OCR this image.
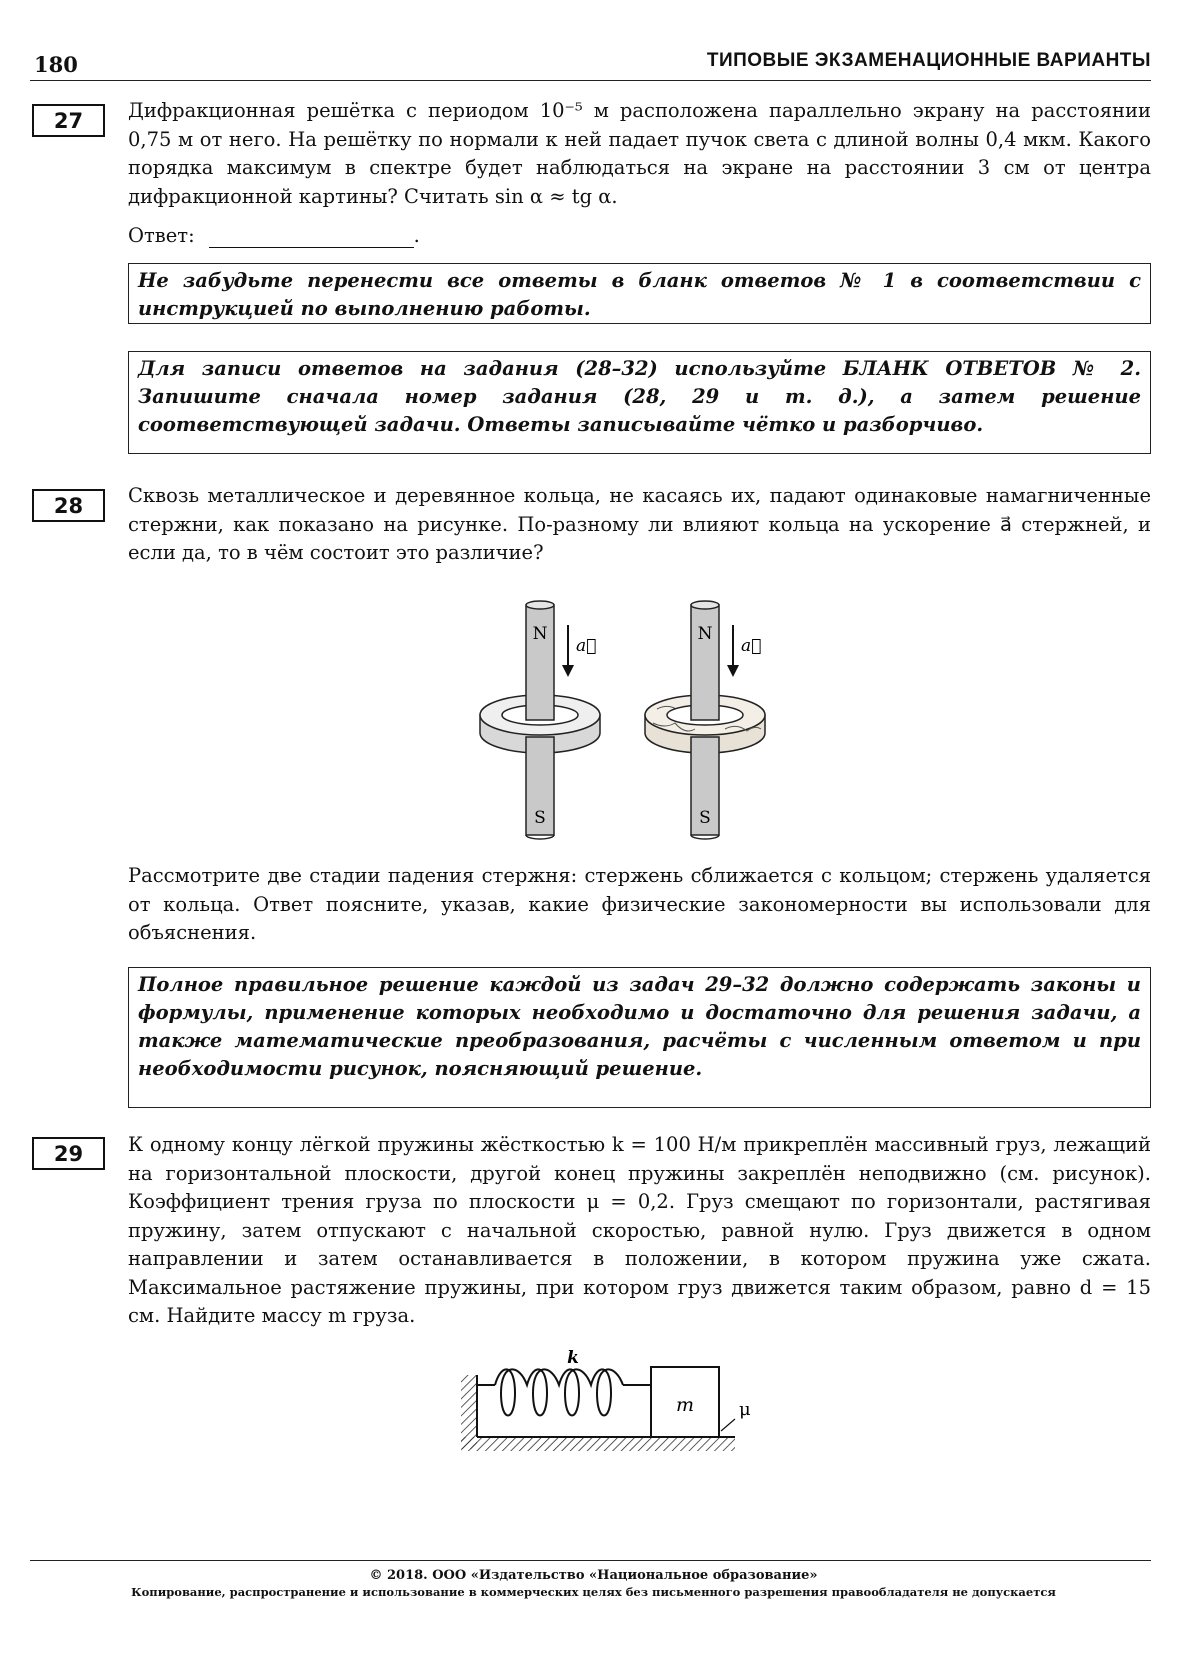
180	ТИПОВЫЕ ЭКЗАМЕНАЦИОННЫЕ ВАРИАНТЫ
27	Дифракционная решётка с периодом 10⁻⁵ м расположена параллельно экрану на расстоянии 0,75 м от него. На решётку по нормали к ней падает пучок света с длиной волны 0,4 мкм. Какого порядка максимум в спектре будет наблюдаться на экране на расстоянии 3 см от центра дифракционной картины? Считать sin α ≈ tg α.

Ответ:	.
Не забудьте перенести все ответы в бланк ответов № 1 в соответствии с инструкцией по выполнению работы.
Для записи ответов на задания (28–32) используйте БЛАНК ОТВЕТОВ № 2. Запишите сначала номер задания (28, 29 и т. д.), а затем решение соответствующей задачи. Ответы записывайте чётко и разборчиво.
28	Сквозь металлическое и деревянное кольца, не касаясь их, падают одинаковые намагниченные стержни, как показано на рисунке. По-разному ли влияют кольца на ускорение a⃗ стержней, и если да, то в чём состоит это различие?

N
S
a⃗
N
S
a⃗

Рассмотрите две стадии падения стержня: стержень сближается с кольцом; стержень удаляется от кольца. Ответ поясните, указав, какие физические закономерности вы использовали для объяснения.

Полное правильное решение каждой из задач 29–32 должно содержать законы и формулы, применение которых необходимо и достаточно для решения задачи, а также математические преобразования, расчёты с численным ответом и при необходимости рисунок, поясняющий решение.
29	К одному концу лёгкой пружины жёсткостью k = 100 Н/м прикреплён массивный груз, лежащий на горизонтальной плоскости, другой конец пружины закреплён неподвижно (см. рисунок). Коэффициент трения груза по плоскости μ = 0,2. Груз смещают по горизонтали, растягивая пружину, затем отпускают с начальной скоростью, равной нулю. Груз движется в одном направлении и затем останавливается в положении, в котором пружина уже сжата. Максимальное растяжение пружины, при котором груз движется таким образом, равно d = 15 см. Найдите массу m груза.

m
k
μ
© 2018. ООО «Издательство «Национальное образование»
Копирование, распространение и использование в коммерческих целях без письменного разрешения правообладателя не допускается
